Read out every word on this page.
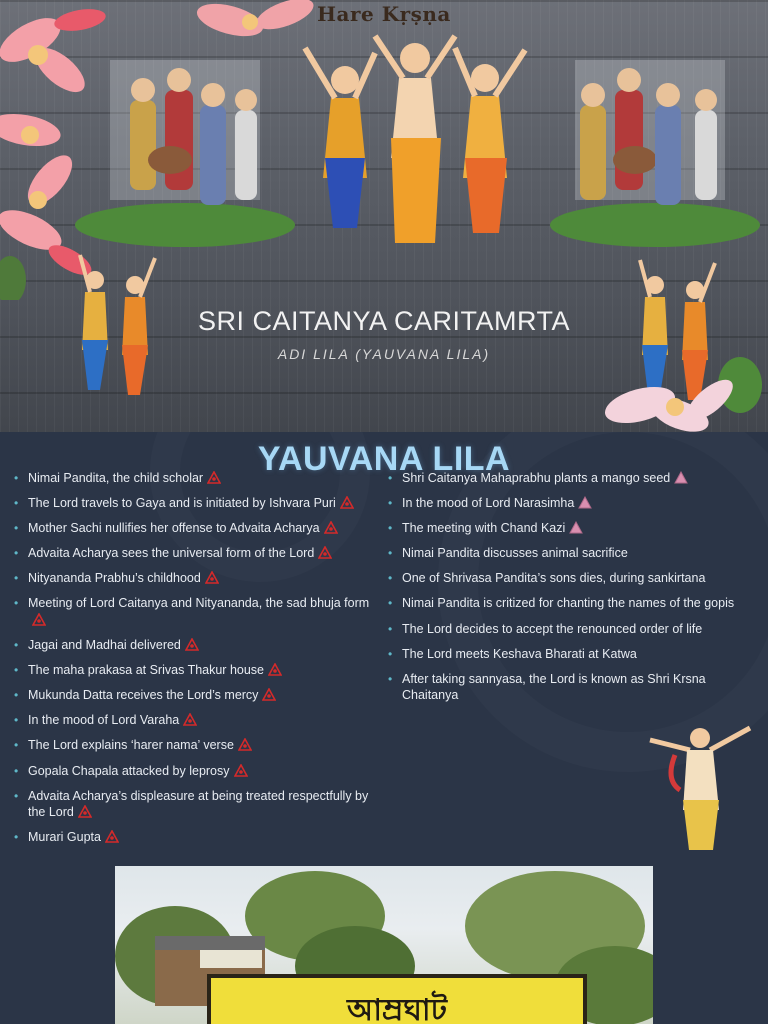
Hare Kṛṣṇa
SRI CAITANYA CARITAMRTA
ADI LILA (YAUVANA LILA)
YAUVANA LILA
• Nimai Pandita, the child scholar
• The Lord travels to Gaya and is initiated by Ishvara Puri
• Mother Sachi nullifies her offense to Advaita Acharya
• Advaita Acharya sees the universal form of the Lord
• Nityananda Prabhu’s childhood
• Meeting of Lord Caitanya and Nityananda, the sad bhuja form
• Jagai and Madhai delivered
• The maha prakasa at Srivas Thakur house
• Mukunda Datta receives the Lord’s mercy
• In the mood of Lord Varaha
• The Lord explains ‘harer nama’ verse
• Gopala Chapala attacked by leprosy
• Advaita Acharya’s displeasure at being treated respectfully by the Lord
• Murari Gupta
• Shri Caitanya Mahaprabhu plants a mango seed
• In the mood of Lord Narasimha
• The meeting with Chand Kazi
• Nimai Pandita discusses animal sacrifice
• One of Shrivasa Pandita’s sons dies, during sankirtana
• Nimai Pandita is critized for chanting the names of the gopis
• The Lord decides to accept the renounced order of life
• The Lord meets Keshava Bharati at Katwa
• After taking sannyasa, the Lord is known as Shri Krsna Chaitanya
আম্রঘাট
